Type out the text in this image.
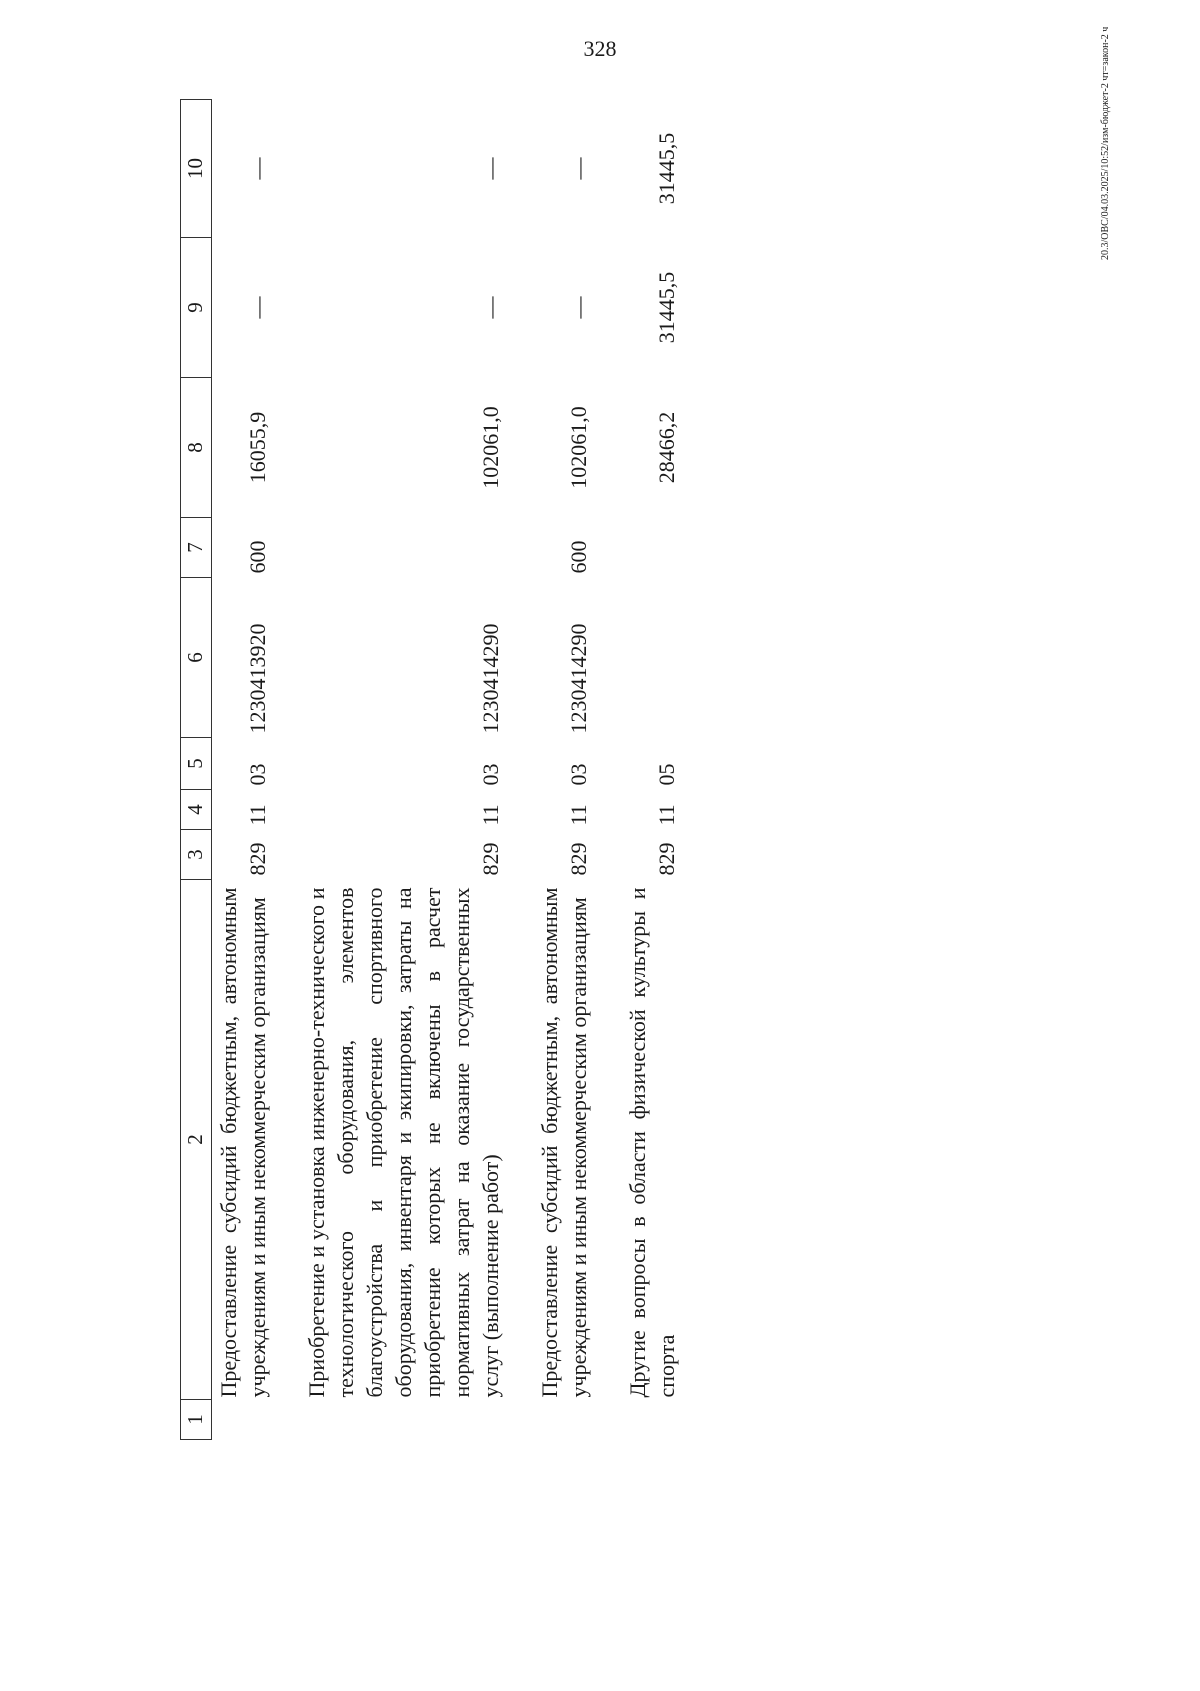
328	20.3/ОВС/04.03.2025/10:52/изм-бюджет-2 чт=закон-2 ч
1	2	3	4	5	6	7	8	9	10
	Предоставление субсидий бюджетным, автономным учреждениям и иным некоммерческим организациям	829	11	03	1230413920	600	16055,9	—	—

	Приобретение и установка инженерно-технического и технологического оборудования, элементов благоустройства и приобретение спортивного оборудования, инвентаря и экипировки, затраты на приобретение которых не включены в расчет нормативных затрат на оказание государственных услуг (выполнение работ)	829	11	03	1230414290		102061,0	—	—

	Предоставление субсидий бюджетным, автономным учреждениям и иным некоммерческим организациям	829	11	03	1230414290	600	102061,0	—	—

	Другие вопросы в области физической культуры и спорта	829	11	05			28466,2	31445,5	31445,5
